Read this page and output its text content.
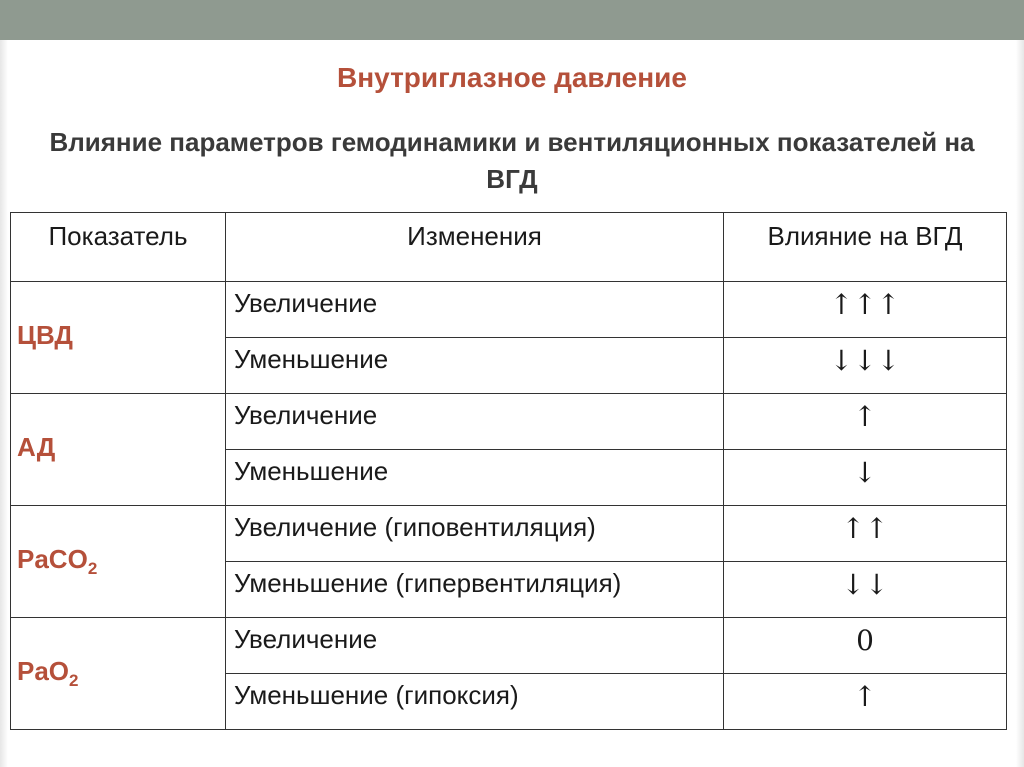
Внутриглазное давление
Влияние параметров гемодинамики и вентиляционных показателей на ВГД
Показатель	Изменения	Влияние на ВГД
ЦВД	Увеличение	↑↑↑
	Уменьшение	↓↓↓
АД	Увеличение	↑
	Уменьшение	↓
PaCO$_2$	Увеличение (гиповентиляция)	↑↑
	Уменьшение (гипервентиляция)	↓↓
PaO$_2$	Увеличение	0
	Уменьшение (гипоксия)	↑
